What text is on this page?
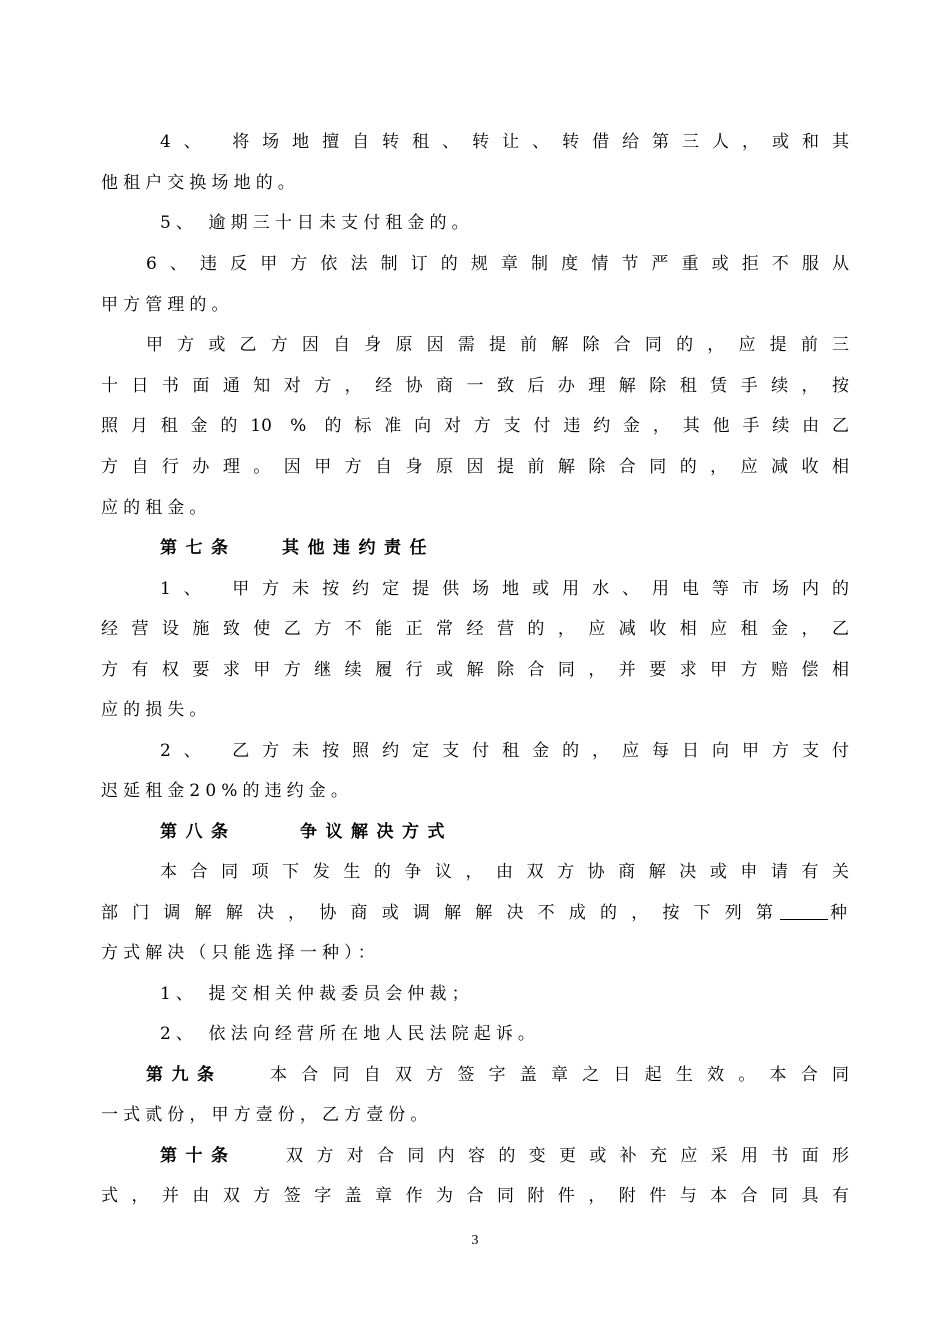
4、 将场地擅自转租、转让、转借给第三人，或和其
他租户交换场地的。
5、 逾期三十日未支付租金的。
6、违反甲方依法制订的规章制度情节严重或拒不服从
甲方管理的。
甲方或乙方因自身原因需提前解除合同的，应提前三
十日书面通知对方，经协商一致后办理解除租赁手续，按
照月租金的10 % 的标准向对方支付违约金，其他手续由乙
方自行办理。因甲方自身原因提前解除合同的，应减收相
应的租金。
第七条	其他违约责任
1、 甲方未按约定提供场地或用水、用电等市场内的
经营设施致使乙方不能正常经营的，应减收相应租金，乙
方有权要求甲方继续履行或解除合同，并要求甲方赔偿相
应的损失。
2、 乙方未按照约定支付租金的，应每日向甲方支付
迟延租金20%的违约金。
第八条	争议解决方式
本合同项下发生的争议，由双方协商解决或申请有关
部门调解解决，协商或调解解决不成的，按下列第	种
方式解决（只能选择一种）：
1、 提交相关仲裁委员会仲裁；
2、 依法向经营所在地人民法院起诉。
第九条	本合同自双方签字盖章之日起生效。本合同
一式贰份，甲方壹份，乙方壹份。
第十条	双方对合同内容的变更或补充应采用书面形
式，并由双方签字盖章作为合同附件，附件与本合同具有
3
